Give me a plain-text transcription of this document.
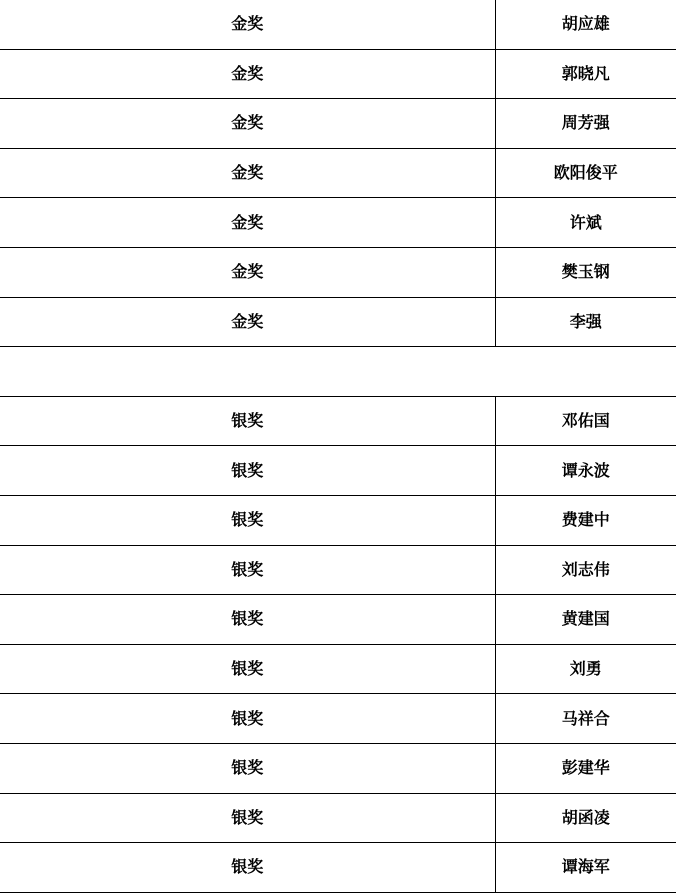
金奖	胡应雄
金奖	郭晓凡
金奖	周芳强
金奖	欧阳俊平
金奖	许斌
金奖	樊玉钢
金奖	李强

银奖	邓佑国
银奖	谭永波
银奖	费建中
银奖	刘志伟
银奖	黄建国
银奖	刘勇
银奖	马祥合
银奖	彭建华
银奖	胡函凌
银奖	谭海军
